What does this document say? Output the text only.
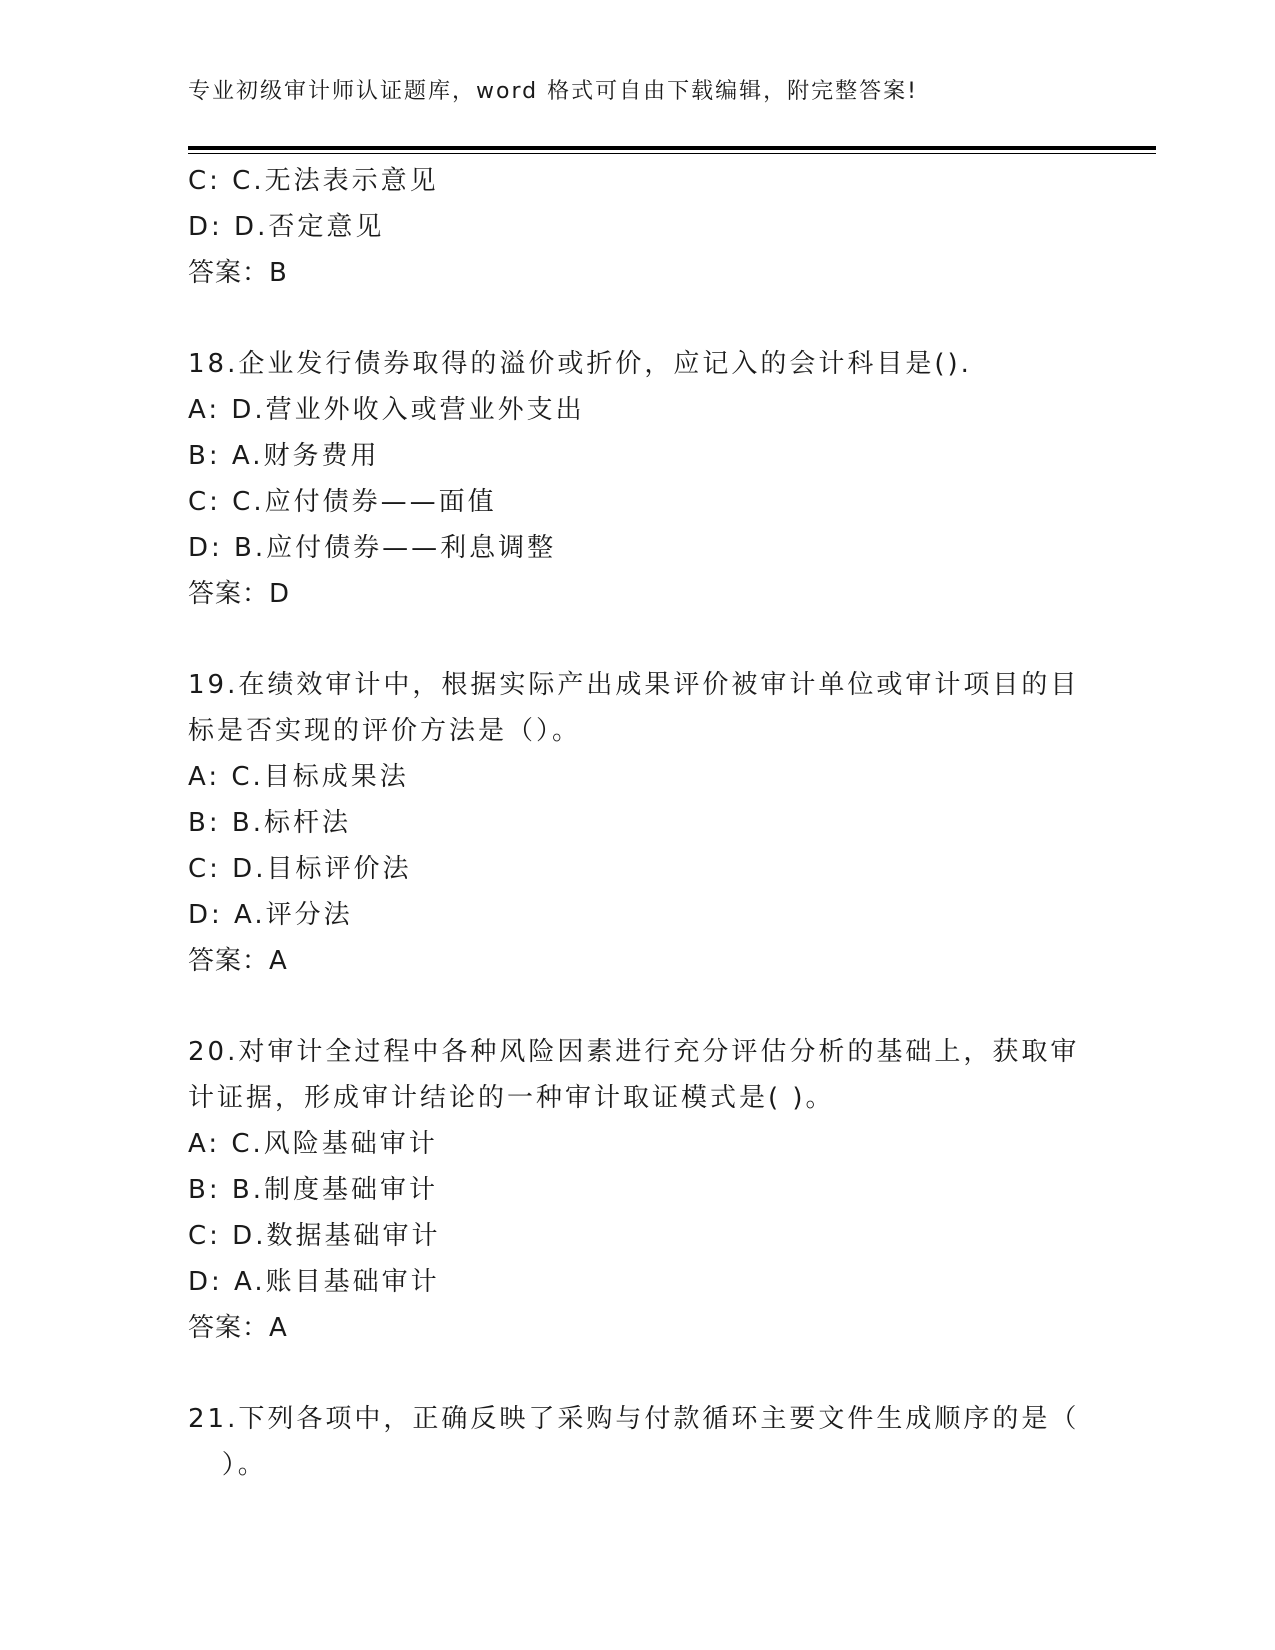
专业初级审计师认证题库，word 格式可自由下载编辑，附完整答案!
C: C.无法表示意见
D: D.否定意见
答案：B
18.企业发行债券取得的溢价或折价，应记入的会计科目是().
A: D.营业外收入或营业外支出
B: A.财务费用
C: C.应付债券——面值
D: B.应付债券——利息调整
答案：D
19.在绩效审计中，根据实际产出成果评价被审计单位或审计项目的目
标是否实现的评价方法是（）。
A: C.目标成果法
B: B.标杆法
C: D.目标评价法
D: A.评分法
答案：A
20.对审计全过程中各种风险因素进行充分评估分析的基础上，获取审
计证据，形成审计结论的一种审计取证模式是( )。
A: C.风险基础审计
B: B.制度基础审计
C: D.数据基础审计
D: A.账目基础审计
答案：A
21.下列各项中，正确反映了采购与付款循环主要文件生成顺序的是（
）。
